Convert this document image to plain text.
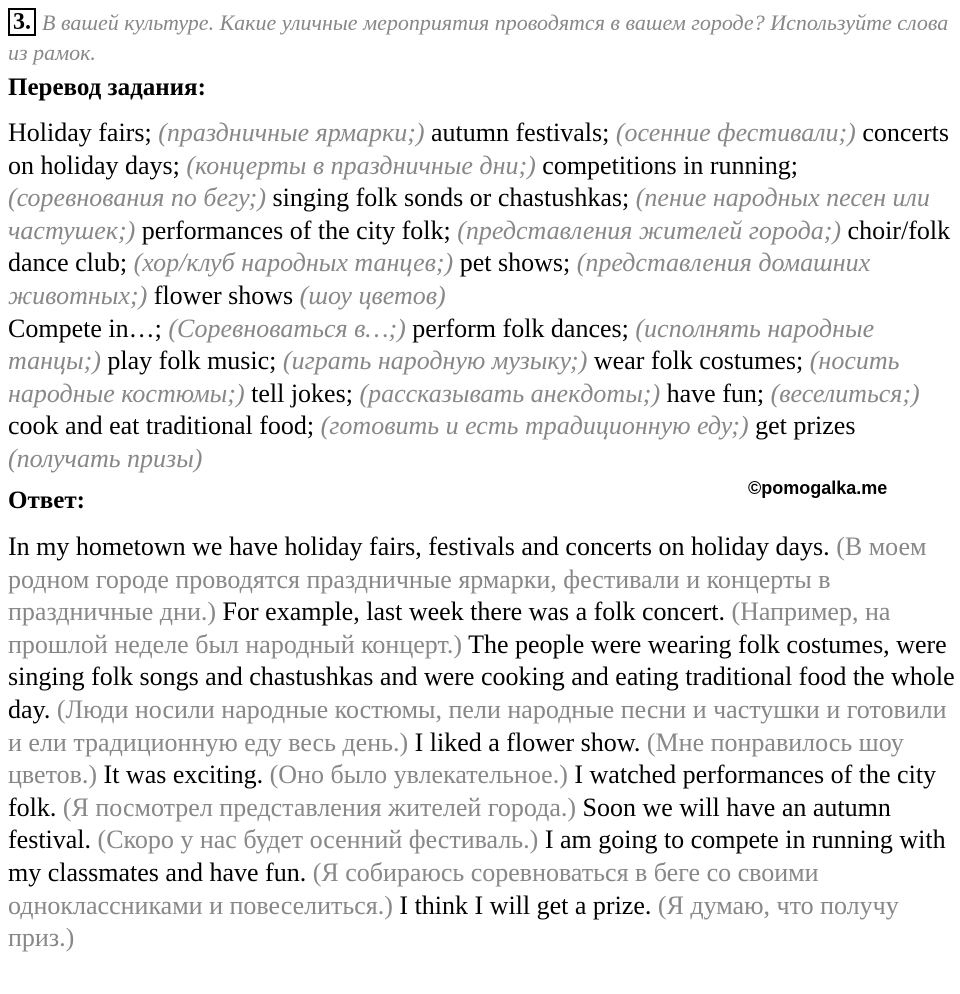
3. В вашей культуре. Какие уличные мероприятия проводятся в вашем городе? Используйте слова из рамок.
Перевод задания:
Holiday fairs; (праздничные ярмарки;) autumn festivals; (осенние фестивали;) concerts on holiday days; (концерты в праздничные дни;) competitions in running; (соревнования по бегу;) singing folk sonds or chastushkas; (пение народных песен или частушек;) performances of the city folk; (представления жителей города;) choir/folk dance club; (хор/клуб народных танцев;) pet shows; (представления домашних животных;) flower shows (шоу цветов)
Compete in…; (Соревноваться в…;) perform folk dances; (исполнять народные танцы;) play folk music; (играть народную музыку;) wear folk costumes; (носить народные костюмы;) tell jokes; (рассказывать анекдоты;) have fun; (веселиться;) cook and eat traditional food; (готовить и есть традиционную еду;) get prizes (получать призы)
Ответ:	©pomogalka.me
In my hometown we have holiday fairs, festivals and concerts on holiday days. (В моем родном городе проводятся праздничные ярмарки, фестивали и концерты в праздничные дни.) For example, last week there was a folk concert. (Например, на прошлой неделе был народный концерт.) The people were wearing folk costumes, were singing folk songs and chastushkas and were cooking and eating traditional food the whole day. (Люди носили народные костюмы, пели народные песни и частушки и готовили и ели традиционную еду весь день.) I liked a flower show. (Мне понравилось шоу цветов.) It was exciting. (Оно было увлекательное.) I watched performances of the city folk. (Я посмотрел представления жителей города.) Soon we will have an autumn festival. (Скоро у нас будет осенний фестиваль.) I am going to compete in running with my classmates and have fun. (Я собираюсь соревноваться в беге со своими одноклассниками и повеселиться.) I think I will get a prize. (Я думаю, что получу приз.)
